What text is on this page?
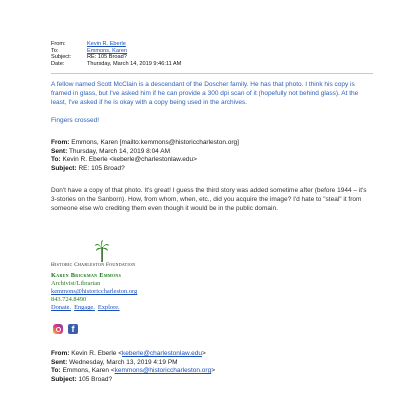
From:	Kevin R. Eberle
To:	Emmons, Karen
Subject:	RE: 105 Broad?
Date:	Thursday, March 14, 2019 9:46:11 AM
A fellow named Scott McClain is a descendant of the Doscher family. He has that photo. I think his copy is framed in glass, but I've asked him if he can provide a 300 dpi scan of it (hopefully not behind glass). At the least, I've asked if he is okay with a copy being used in the archives.
Fingers crossed!
From: Emmons, Karen [mailto:kemmons@historiccharleston.org]
Sent: Thursday, March 14, 2019 8:04 AM
To: Kevin R. Eberle <keberle@charlestonlaw.edu>
Subject: RE: 105 Broad?
Don't have a copy of that photo. It's great! I guess the third story was added sometime after (before 1944 – it's 3-stories on the Sanborn). How, from whom, when, etc., did you acquire the image? I'd hate to "steal" it from someone else w/o crediting them even though it would be in the public domain.
Historic Charleston Foundation
Karen Brickman Emmons
Archivist/Librarian
kemmons@historiccharleston.org
843.724.8490
Donate. Engage. Explore.
f
From: Kevin R. Eberle <keberle@charlestonlaw.edu>
Sent: Wednesday, March 13, 2019 4:19 PM
To: Emmons, Karen <kemmons@historiccharleston.org>
Subject: 105 Broad?
